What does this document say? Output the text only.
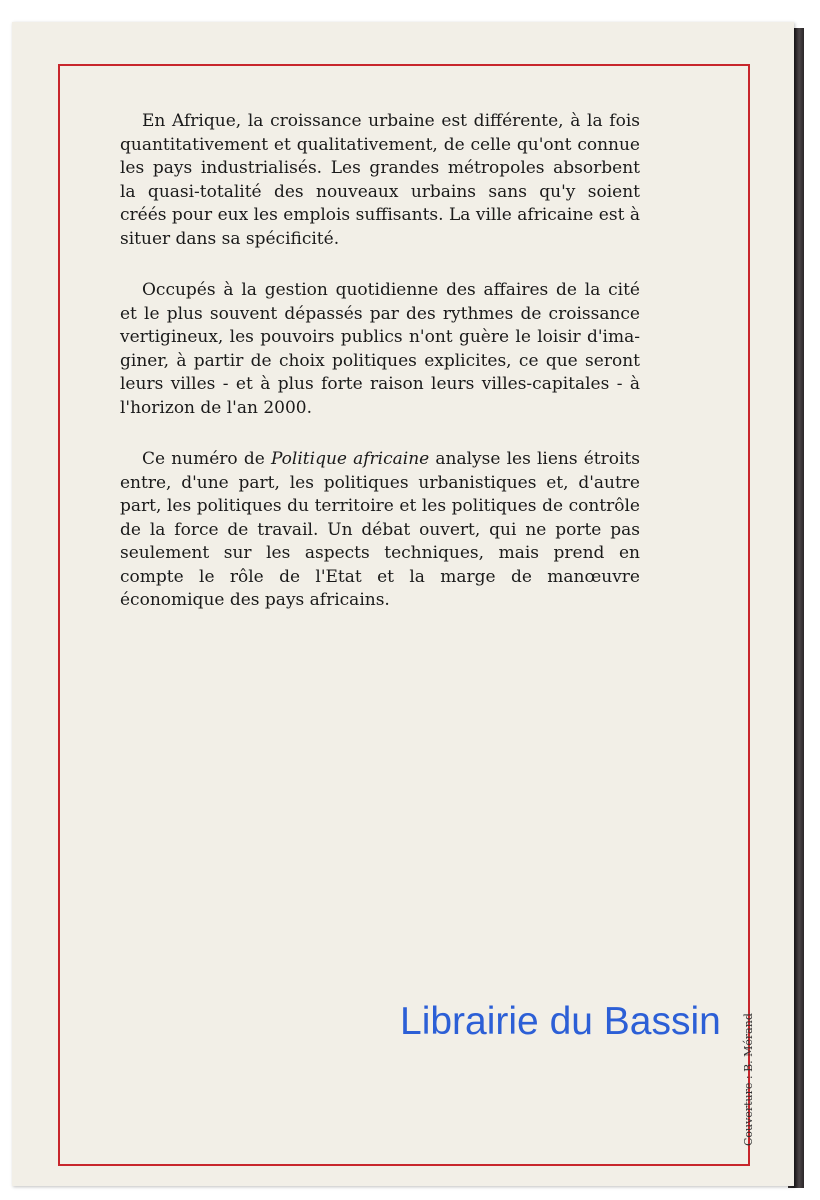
En Afrique, la croissance urbaine est différente, à la fois quantitativement et qualitativement, de celle qu'ont connue les pays industrialisés. Les grandes métropoles absorbent la quasi-totalité des nouveaux urbains sans qu'y soient créés pour eux les emplois suffisants. La ville africaine est à situer dans sa spécificité.

Occupés à la gestion quotidienne des affaires de la cité et le plus souvent dépassés par des rythmes de croissance vertigineux, les pouvoirs publics n'ont guère le loisir d'imaginer, à partir de choix politiques explicites, ce que seront leurs villes - et à plus forte raison leurs villes-capitales - à l'horizon de l'an 2000.

Ce numéro de Politique africaine analyse les liens étroits entre, d'une part, les politiques urbanistiques et, d'autre part, les politiques du territoire et les politiques de contrôle de la force de travail. Un débat ouvert, qui ne porte pas seulement sur les aspects techniques, mais prend en compte le rôle de l'Etat et la marge de manœuvre économique des pays africains.

Couverture : B. Mérand
Librairie du Bassin
